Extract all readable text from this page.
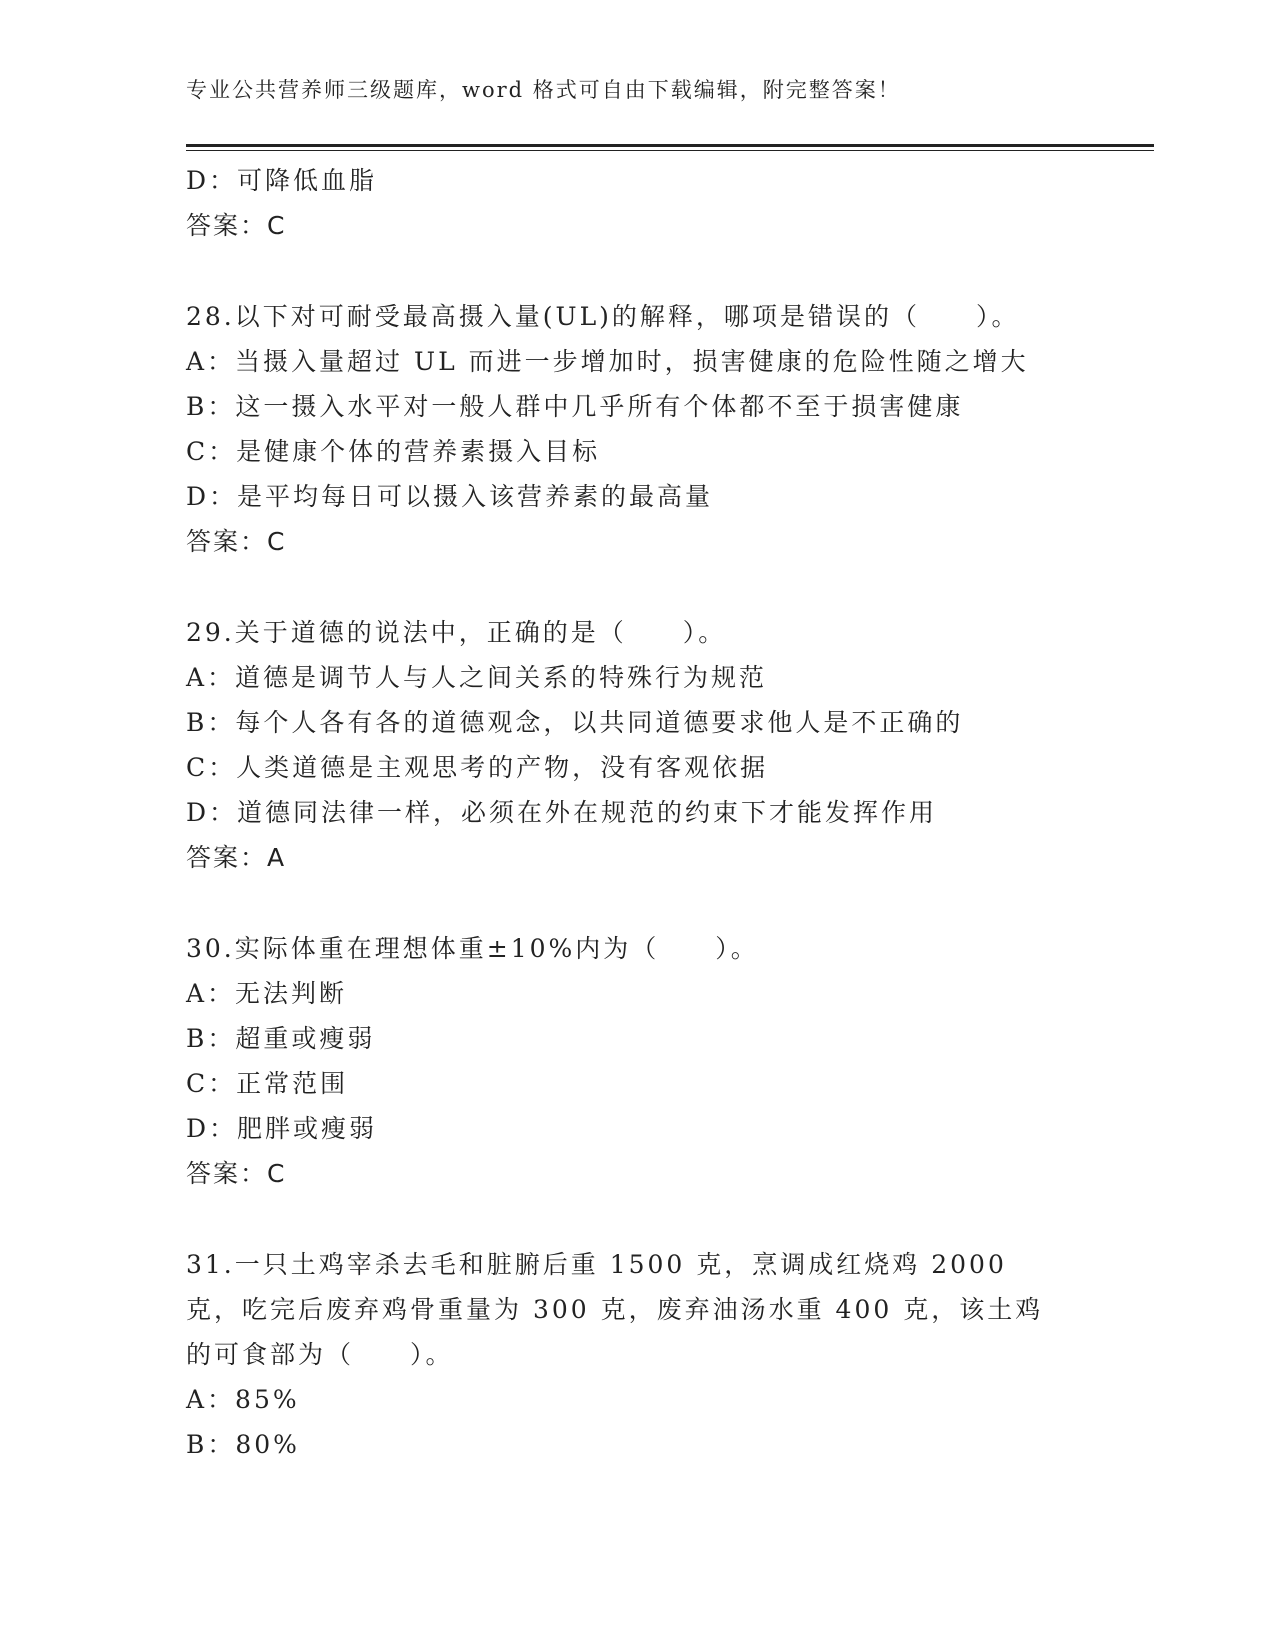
专业公共营养师三级题库，word 格式可自由下载编辑，附完整答案！
D：可降低血脂
答案：C
28.以下对可耐受最高摄入量(UL)的解释，哪项是错误的（　　）。
A：当摄入量超过 UL 而进一步增加时，损害健康的危险性随之增大
B：这一摄入水平对一般人群中几乎所有个体都不至于损害健康
C：是健康个体的营养素摄入目标
D：是平均每日可以摄入该营养素的最高量
答案：C
29.关于道德的说法中，正确的是（　　）。
A：道德是调节人与人之间关系的特殊行为规范
B：每个人各有各的道德观念，以共同道德要求他人是不正确的
C：人类道德是主观思考的产物，没有客观依据
D：道德同法律一样，必须在外在规范的约束下才能发挥作用
答案：A
30.实际体重在理想体重±10%内为（　　）。
A：无法判断
B：超重或瘦弱
C：正常范围
D：肥胖或瘦弱
答案：C
31.一只土鸡宰杀去毛和脏腑后重 1500 克，烹调成红烧鸡 2000 克，吃完后废弃鸡骨重量为 300 克，废弃油汤水重 400 克，该土鸡的可食部为（　　）。
A：85%
B：80%
